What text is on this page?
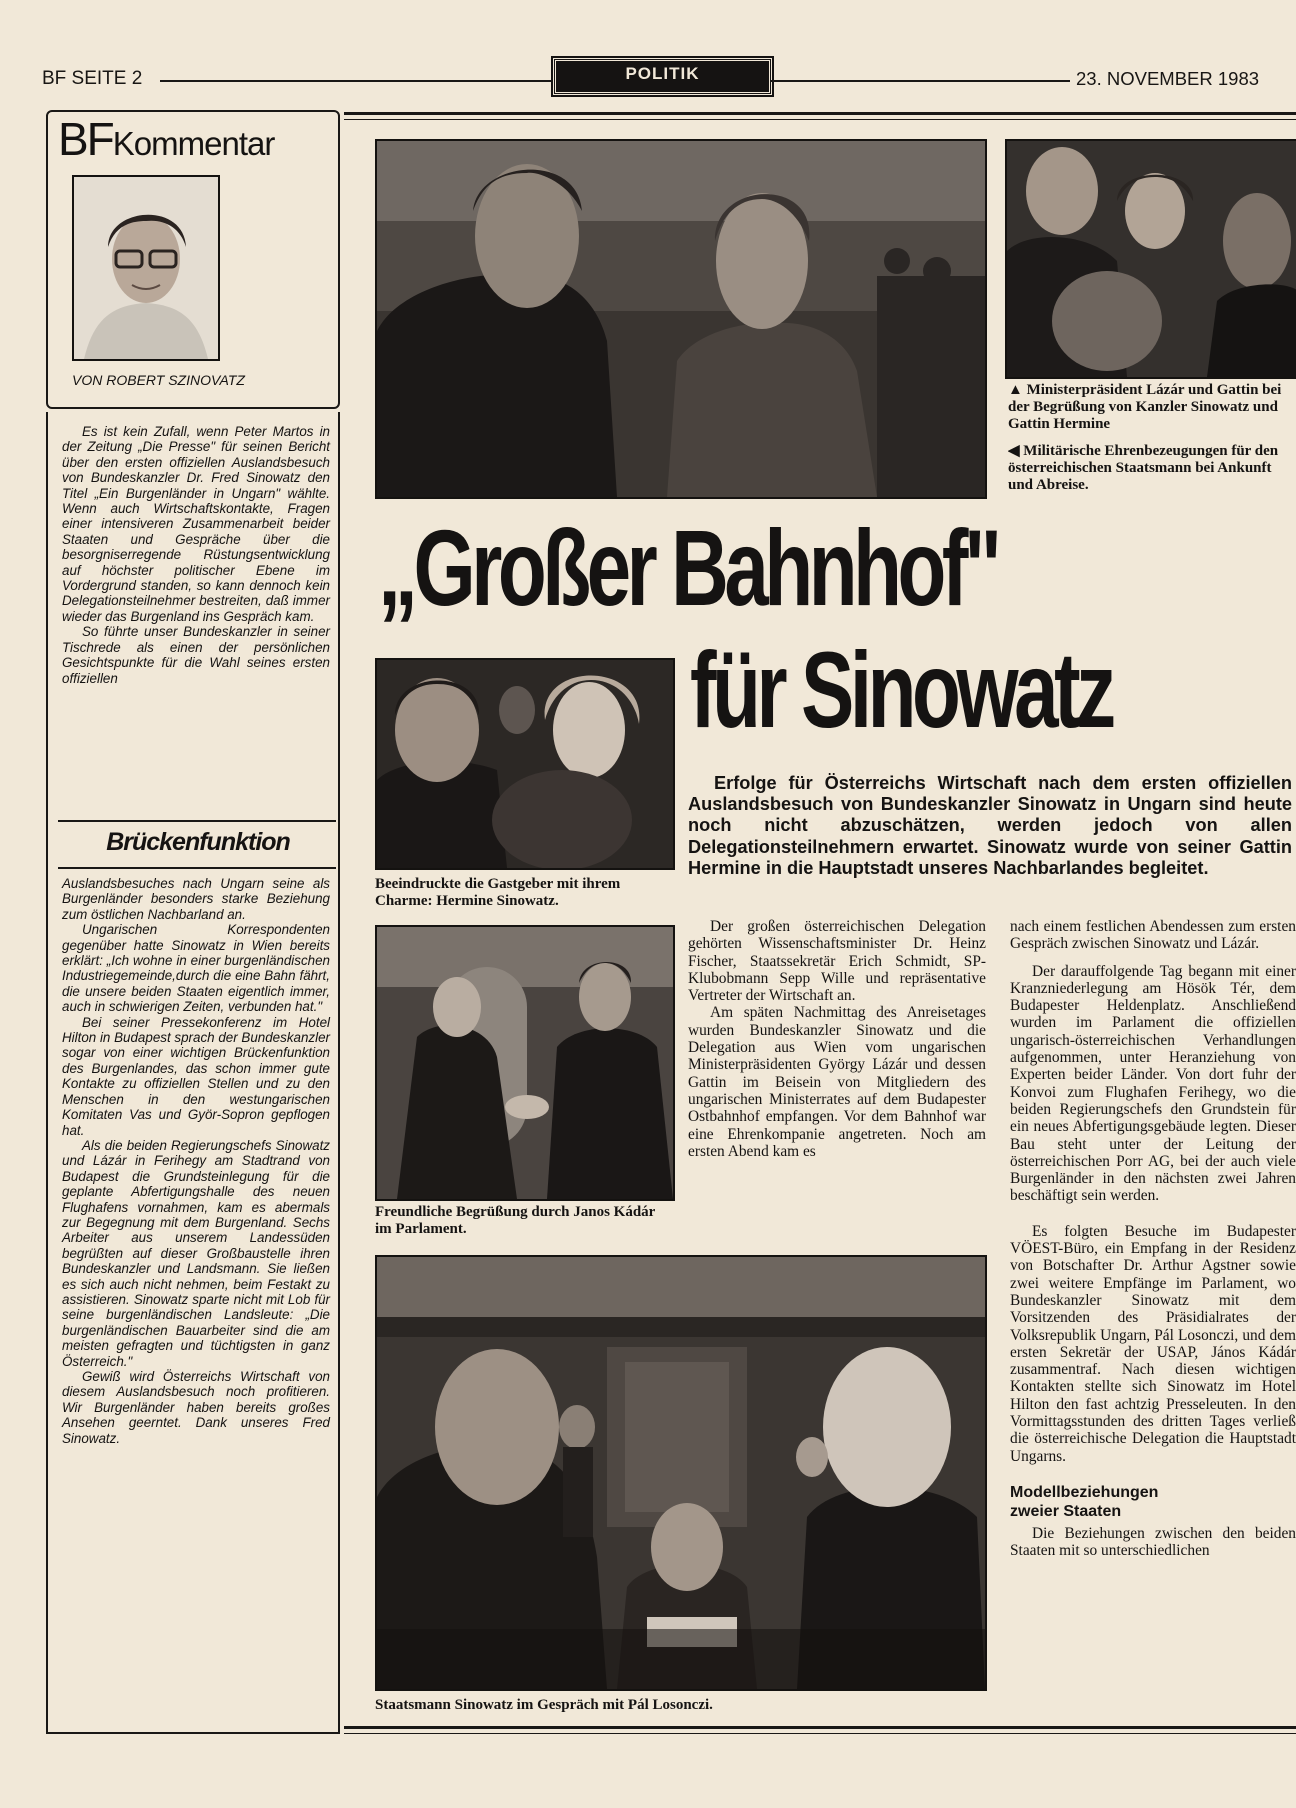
BF SEITE 2	POLITIK	23. NOVEMBER 1983
BFKommentar
VON ROBERT SZINOVATZ

Es ist kein Zufall, wenn Peter Martos in der Zeitung „Die Presse" für seinen Bericht über den ersten offiziellen Auslandsbesuch von Bundeskanzler Dr. Fred Sinowatz den Titel „Ein Burgenländer in Ungarn" wählte. Wenn auch Wirtschaftskontakte, Fragen einer intensiveren Zusammenarbeit beider Staaten und Gespräche über die besorgniserregende Rüstungsentwicklung auf höchster politischer Ebene im Vordergrund standen, so kann dennoch kein Delegationsteilnehmer bestreiten, daß immer wieder das Burgenland ins Gespräch kam.

So führte unser Bundeskanzler in seiner Tischrede als einen der persönlichen Gesichtspunkte für die Wahl seines ersten offiziellen

Brückenfunktion

Auslandsbesuches nach Ungarn seine als Burgenländer besonders starke Beziehung zum östlichen Nachbarland an.

Ungarischen Korrespondenten gegenüber hatte Sinowatz in Wien bereits erklärt: „Ich wohne in einer burgenländischen Industriegemeinde,durch die eine Bahn fährt, die unsere beiden Staaten eigentlich immer, auch in schwierigen Zeiten, verbunden hat."

Bei seiner Pressekonferenz im Hotel Hilton in Budapest sprach der Bundeskanzler sogar von einer wichtigen Brückenfunktion des Burgenlandes, das schon immer gute Kontakte zu offiziellen Stellen und zu den Menschen in den westungarischen Komitaten Vas und Györ-Sopron gepflogen hat.

Als die beiden Regierungschefs Sinowatz und Lázár in Ferihegy am Stadtrand von Budapest die Grundsteinlegung für die geplante Abfertigungshalle des neuen Flughafens vornahmen, kam es abermals zur Begegnung mit dem Burgenland. Sechs Arbeiter aus unserem Landessüden begrüßten auf dieser Großbaustelle ihren Bundeskanzler und Landsmann. Sie ließen es sich auch nicht nehmen, beim Festakt zu assistieren. Sinowatz sparte nicht mit Lob für seine burgenländischen Landsleute: „Die burgenländischen Bauarbeiter sind die am meisten gefragten und tüchtigsten in ganz Österreich."

Gewiß wird Österreichs Wirtschaft von diesem Auslandsbesuch noch profitieren. Wir Burgenländer haben bereits großes Ansehen geerntet. Dank unseres Fred Sinowatz.

▲ Ministerpräsident Lázár und Gattin bei der Begrüßung von Kanzler Sinowatz und Gattin Hermine
◀ Militärische Ehrenbezeugungen für den österreichischen Staatsmann bei Ankunft und Abreise.
„Großer Bahnhof"
für Sinowatz
Beeindruckte die Gastgeber mit ihrem Charme: Hermine Sinowatz.
Freundliche Begrüßung durch Janos Kádár im Parlament.
Erfolge für Österreichs Wirtschaft nach dem ersten offiziellen Auslandsbesuch von Bundeskanzler Sinowatz in Ungarn sind heute noch nicht abzuschätzen, werden jedoch von allen Delegationsteilnehmern erwartet. Sinowatz wurde von seiner Gattin Hermine in die Hauptstadt unseres Nachbarlandes begleitet.

Der großen österreichischen Delegation gehörten Wissenschaftsminister Dr. Heinz Fischer, Staatssekretär Erich Schmidt, SP-Klubobmann Sepp Wille und repräsentative Vertreter der Wirtschaft an.

Am späten Nachmittag des Anreisetages wurden Bundeskanzler Sinowatz und die Delegation aus Wien vom ungarischen Ministerpräsidenten György Lázár und dessen Gattin im Beisein von Mitgliedern des ungarischen Ministerrates auf dem Budapester Ostbahnhof empfangen. Vor dem Bahnhof war eine Ehrenkompanie angetreten. Noch am ersten Abend kam es

nach einem festlichen Abendessen zum ersten Gespräch zwischen Sinowatz und Lázár.

Der darauffolgende Tag begann mit einer Kranzniederlegung am Hösök Tér, dem Budapester Heldenplatz. Anschließend wurden im Parlament die offiziellen ungarisch-österreichischen Verhandlungen aufgenommen, unter Heranziehung von Experten beider Länder. Von dort fuhr der Konvoi zum Flughafen Ferihegy, wo die beiden Regierungschefs den Grundstein für ein neues Abfertigungsgebäude legten. Dieser Bau steht unter der Leitung der österreichischen Porr AG, bei der auch viele Burgenländer in den nächsten zwei Jahren beschäftigt sein werden.

Es folgten Besuche im Budapester VÖEST-Büro, ein Empfang in der Residenz von Botschafter Dr. Arthur Agstner sowie zwei weitere Empfänge im Parlament, wo Bundeskanzler Sinowatz mit dem Vorsitzenden des Präsidialrates der Volksrepublik Ungarn, Pál Losonczi, und dem ersten Sekretär der USAP, János Kádár zusammentraf. Nach diesen wichtigen Kontakten stellte sich Sinowatz im Hotel Hilton den fast achtzig Presseleuten. In den Vormittagsstunden des dritten Tages verließ die österreichische Delegation die Hauptstadt Ungarns.

Modellbeziehungen zweier Staaten

Die Beziehungen zwischen den beiden Staaten mit so unterschiedlichen

Staatsmann Sinowatz im Gespräch mit Pál Losonczi.
